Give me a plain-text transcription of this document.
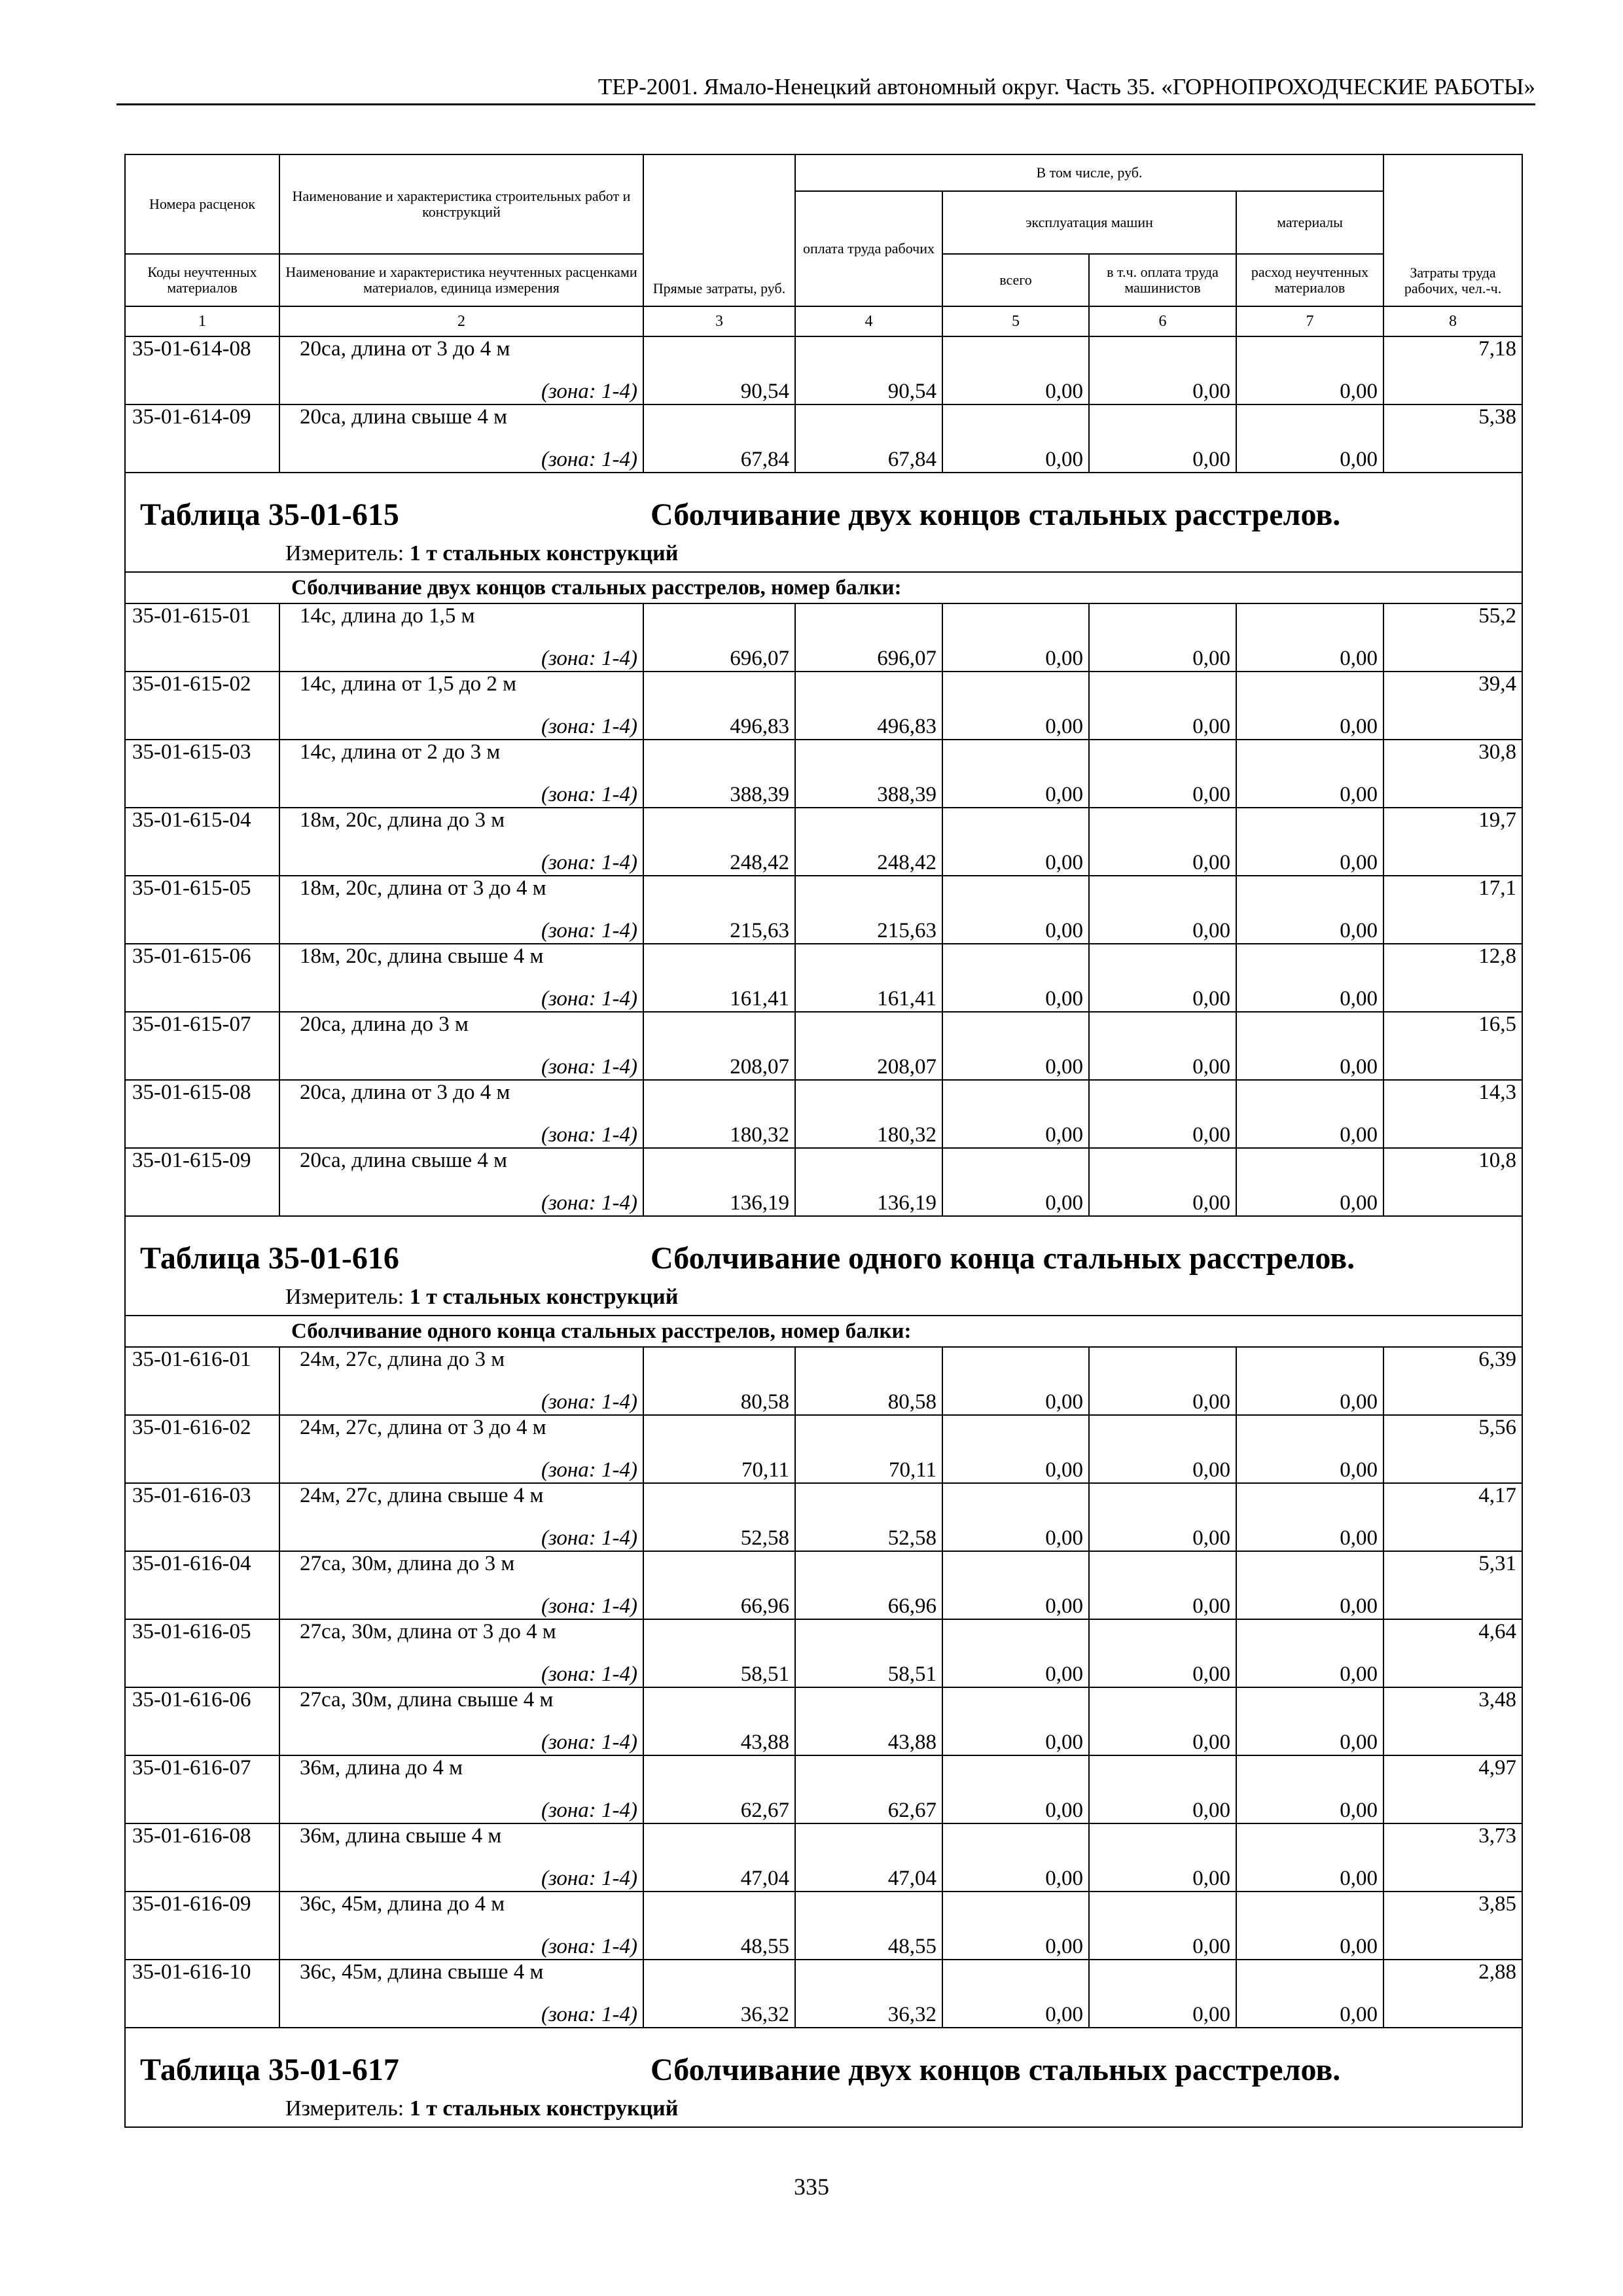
ТЕР-2001. Ямало-Ненецкий автономный округ. Часть 35. «ГОРНОПРОХОДЧЕСКИЕ РАБОТЫ»
Номера расценок	Наименование и характеристика строительных работ и конструкций	Прямые затраты, руб.	В том числе, руб.				Затраты труда рабочих, чел.-ч.
			оплата труда рабочих	эксплуатация машин		материалы	
Коды неучтенных материалов	Наименование и характеристика неучтенных расценками материалов, единица измерения			всего	в т.ч. оплата труда машинистов	расход неучтенных материалов	
1	2	3	4	5	6	7	8
35-01-614-08	20са, длина от 3 до 4 м						7,18
	(зона: 1-4)	90,54	90,54	0,00	0,00	0,00	
35-01-614-09	20са, длина свыше 4 м						5,38
	(зона: 1-4)	67,84	67,84	0,00	0,00	0,00	

Таблица 35-01-615 Сболчивание двух концов стальных расстрелов.
Измеритель: 1 т стальных конструкций							

Сболчивание двух концов стальных расстрелов, номер балки:							
35-01-615-01	14с, длина до 1,5 м						55,2
	(зона: 1-4)	696,07	696,07	0,00	0,00	0,00	
35-01-615-02	14с, длина от 1,5 до 2 м						39,4
	(зона: 1-4)	496,83	496,83	0,00	0,00	0,00	
35-01-615-03	14с, длина от 2 до 3 м						30,8
	(зона: 1-4)	388,39	388,39	0,00	0,00	0,00	
35-01-615-04	18м, 20с, длина до 3 м						19,7
	(зона: 1-4)	248,42	248,42	0,00	0,00	0,00	
35-01-615-05	18м, 20с, длина от 3 до 4 м						17,1
	(зона: 1-4)	215,63	215,63	0,00	0,00	0,00	
35-01-615-06	18м, 20с, длина свыше 4 м						12,8
	(зона: 1-4)	161,41	161,41	0,00	0,00	0,00	
35-01-615-07	20са, длина до 3 м						16,5
	(зона: 1-4)	208,07	208,07	0,00	0,00	0,00	
35-01-615-08	20са, длина от 3 до 4 м						14,3
	(зона: 1-4)	180,32	180,32	0,00	0,00	0,00	
35-01-615-09	20са, длина свыше 4 м						10,8
	(зона: 1-4)	136,19	136,19	0,00	0,00	0,00	

Таблица 35-01-616 Сболчивание одного конца стальных расстрелов.
Измеритель: 1 т стальных конструкций							

Сболчивание одного конца стальных расстрелов, номер балки:							
35-01-616-01	24м, 27с, длина до 3 м						6,39
	(зона: 1-4)	80,58	80,58	0,00	0,00	0,00	
35-01-616-02	24м, 27с, длина от 3 до 4 м						5,56
	(зона: 1-4)	70,11	70,11	0,00	0,00	0,00	
35-01-616-03	24м, 27с, длина свыше 4 м						4,17
	(зона: 1-4)	52,58	52,58	0,00	0,00	0,00	
35-01-616-04	27са, 30м, длина до 3 м						5,31
	(зона: 1-4)	66,96	66,96	0,00	0,00	0,00	
35-01-616-05	27са, 30м, длина от 3 до 4 м						4,64
	(зона: 1-4)	58,51	58,51	0,00	0,00	0,00	
35-01-616-06	27са, 30м, длина свыше 4 м						3,48
	(зона: 1-4)	43,88	43,88	0,00	0,00	0,00	
35-01-616-07	36м, длина до 4 м						4,97
	(зона: 1-4)	62,67	62,67	0,00	0,00	0,00	
35-01-616-08	36м, длина свыше 4 м						3,73
	(зона: 1-4)	47,04	47,04	0,00	0,00	0,00	
35-01-616-09	36с, 45м, длина до 4 м						3,85
	(зона: 1-4)	48,55	48,55	0,00	0,00	0,00	
35-01-616-10	36с, 45м, длина свыше 4 м						2,88
	(зона: 1-4)	36,32	36,32	0,00	0,00	0,00	

Таблица 35-01-617 Сболчивание двух концов стальных расстрелов.
Измеритель: 1 т стальных конструкций							
335
